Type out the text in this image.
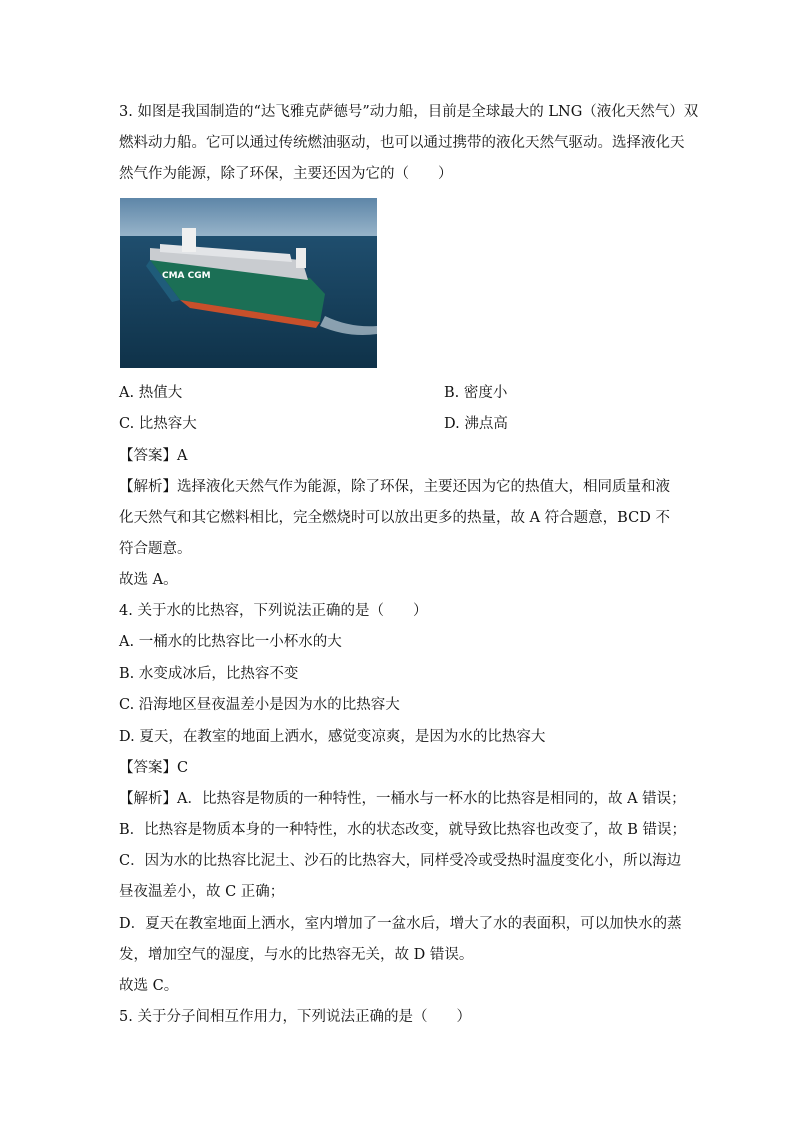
3. 如图是我国制造的“达飞雅克萨德号”动力船，目前是全球最大的 LNG（液化天然气）双
燃料动力船。它可以通过传统燃油驱动，也可以通过携带的液化天然气驱动。选择液化天
然气作为能源，除了环保，主要还因为它的（　　）
CMA CGM
A. 热值大	B. 密度小
C. 比热容大	D. 沸点高
【答案】A
【解析】选择液化天然气作为能源，除了环保，主要还因为它的热值大，相同质量和液
化天然气和其它燃料相比，完全燃烧时可以放出更多的热量，故 A 符合题意，BCD 不
符合题意。
故选 A。
4. 关于水的比热容，下列说法正确的是（　　）
A. 一桶水的比热容比一小杯水的大
B. 水变成冰后，比热容不变
C. 沿海地区昼夜温差小是因为水的比热容大
D. 夏天，在教室的地面上洒水，感觉变凉爽，是因为水的比热容大
【答案】C
【解析】A．比热容是物质的一种特性，一桶水与一杯水的比热容是相同的，故 A 错误；
B．比热容是物质本身的一种特性，水的状态改变，就导致比热容也改变了，故 B 错误；
C．因为水的比热容比泥土、沙石的比热容大，同样受冷或受热时温度变化小，所以海边
昼夜温差小，故 C 正确；
D．夏天在教室地面上洒水，室内增加了一盆水后，增大了水的表面积，可以加快水的蒸
发，增加空气的湿度，与水的比热容无关，故 D 错误。
故选 C。
5. 关于分子间相互作用力，下列说法正确的是（　　）
